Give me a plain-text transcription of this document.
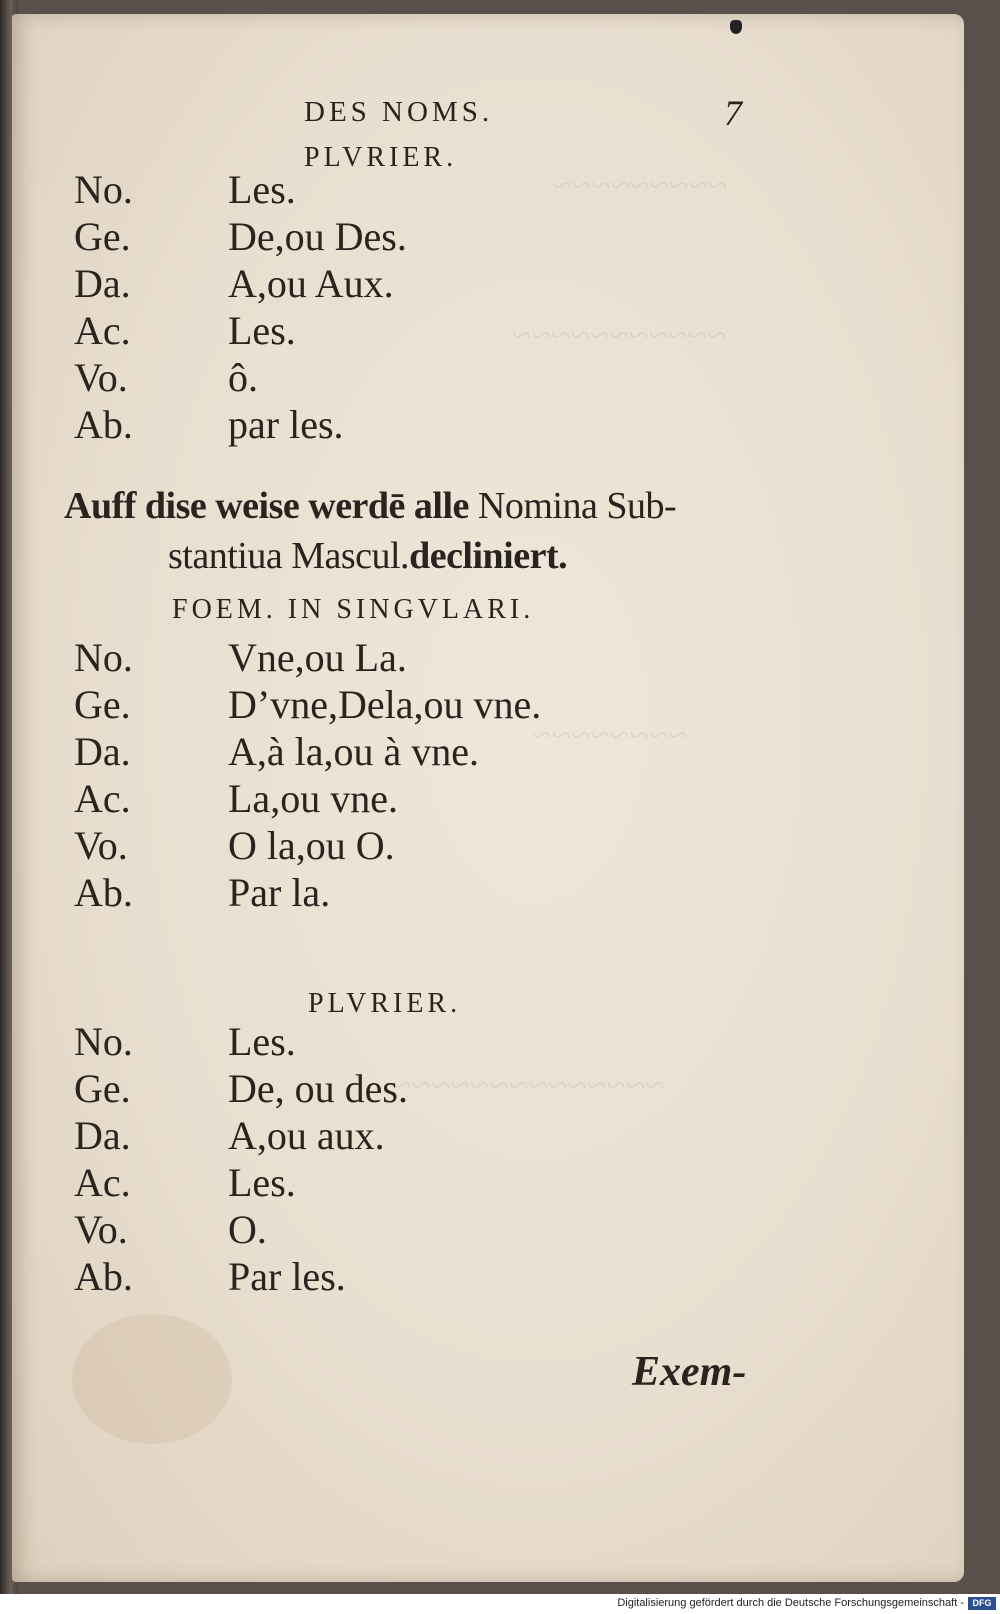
~~~~~~~~~
~~~~~~~~~~~
~~~~~~~~
~~~~~~~~~~~~~~
DES NOMS.	7
PLVRIER.
No. Les.
Ge. De,ou Des.
Da. A,ou Aux.
Ac. Les.
Vo.	ô.
Ab. par les.
Auff dise weise werdē alle Nomina Sub-
stantiua Mascul.decliniert.
FOEM. IN SINGVLARI.
No. Vne,ou La.
Ge. D’vne,Dela,ou vne.
Da. A,à la,ou à vne.
Ac. La,ou vne.
Vo.	O la,ou O.
Ab. Par la.
PLVRIER.
No. Les.
Ge. De, ou des.
Da. A,ou aux.
Ac. Les.
Vo.	O.
Ab. Par les.
Exem-
Digitalisierung gefördert durch die Deutsche Forschungsgemeinschaft - DFG
